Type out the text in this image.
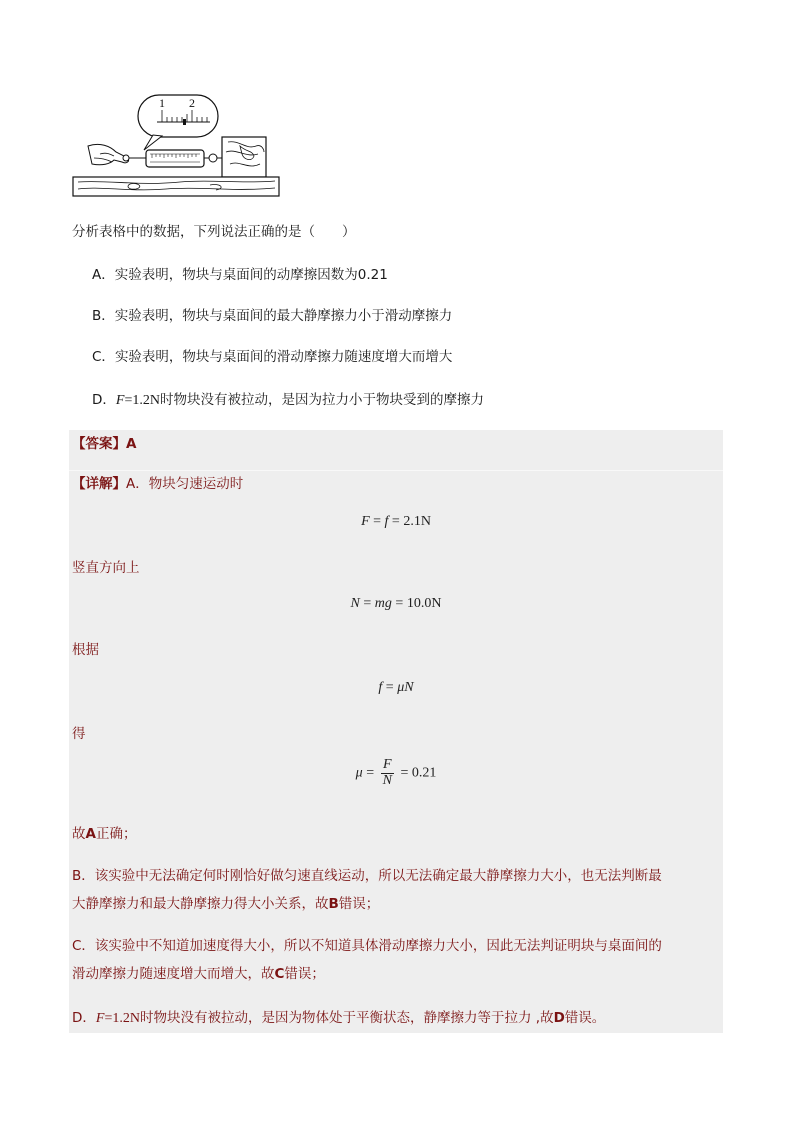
1 2
分析表格中的数据，下列说法正确的是（　　）
A．实验表明，物块与桌面间的动摩擦因数为0.21
B．实验表明，物块与桌面间的最大静摩擦力小于滑动摩擦力
C．实验表明，物块与桌面间的滑动摩擦力随速度增大而增大
D．F=1.2N时物块没有被拉动，是因为拉力小于物块受到的摩擦力
【答案】A
【详解】A．物块匀速运动时
F = f = 2.1N
竖直方向上
N = mg = 10.0N
根据
f = μN
得
$\mu = \frac{F}{N} = 0.21$
故A正确；
B．该实验中无法确定何时刚恰好做匀速直线运动，所以无法确定最大静摩擦力大小，也无法判断最
大静摩擦力和最大静摩擦力得大小关系，故B错误；
C．该实验中不知道加速度得大小，所以不知道具体滑动摩擦力大小，因此无法判证明块与桌面间的
滑动摩擦力随速度增大而增大，故C错误；
D．F=1.2N时物块没有被拉动，是因为物体处于平衡状态，静摩擦力等于拉力 ,故D错误。
